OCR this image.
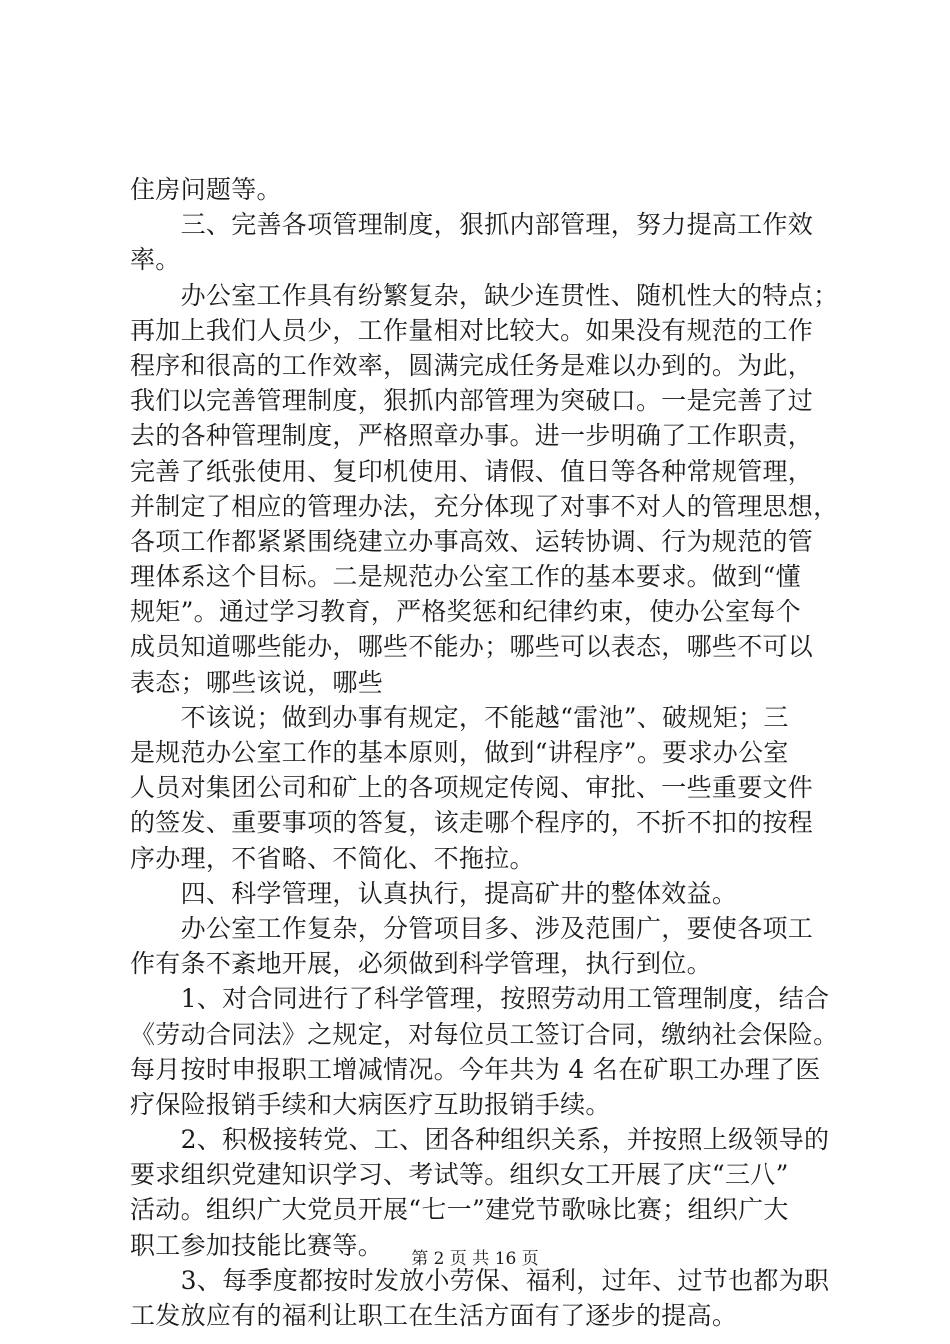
住房问题等。
　　三、完善各项管理制度，狠抓内部管理，努力提高工作效
率。
　　办公室工作具有纷繁复杂，缺少连贯性、随机性大的特点；
再加上我们人员少，工作量相对比较大。如果没有规范的工作
程序和很高的工作效率，圆满完成任务是难以办到的。为此，
我们以完善管理制度，狠抓内部管理为突破口。一是完善了过
去的各种管理制度，严格照章办事。进一步明确了工作职责，
完善了纸张使用、复印机使用、请假、值日等各种常规管理，
并制定了相应的管理办法，充分体现了对事不对人的管理思想，
各项工作都紧紧围绕建立办事高效、运转协调、行为规范的管
理体系这个目标。二是规范办公室工作的基本要求。做到“懂
规矩”。通过学习教育，严格奖惩和纪律约束，使办公室每个
成员知道哪些能办，哪些不能办；哪些可以表态，哪些不可以
表态；哪些该说，哪些
　　不该说；做到办事有规定，不能越“雷池”、破规矩；三
是规范办公室工作的基本原则，做到“讲程序”。要求办公室
人员对集团公司和矿上的各项规定传阅、审批、一些重要文件
的签发、重要事项的答复，该走哪个程序的，不折不扣的按程
序办理，不省略、不简化、不拖拉。
　　四、科学管理，认真执行，提高矿井的整体效益。
　　办公室工作复杂，分管项目多、涉及范围广，要使各项工
作有条不紊地开展，必须做到科学管理，执行到位。
　　1、对合同进行了科学管理，按照劳动用工管理制度，结合
《劳动合同法》之规定，对每位员工签订合同，缴纳社会保险。
每月按时申报职工增减情况。今年共为 4 名在矿职工办理了医
疗保险报销手续和大病医疗互助报销手续。
　　2、积极接转党、工、团各种组织关系，并按照上级领导的
要求组织党建知识学习、考试等。组织女工开展了庆“三八”
活动。组织广大党员开展“七一”建党节歌咏比赛；组织广大
职工参加技能比赛等。
　　3、每季度都按时发放小劳保、福利，过年、过节也都为职
工发放应有的福利让职工在生活方面有了逐步的提高。
第 2 页 共 16 页
